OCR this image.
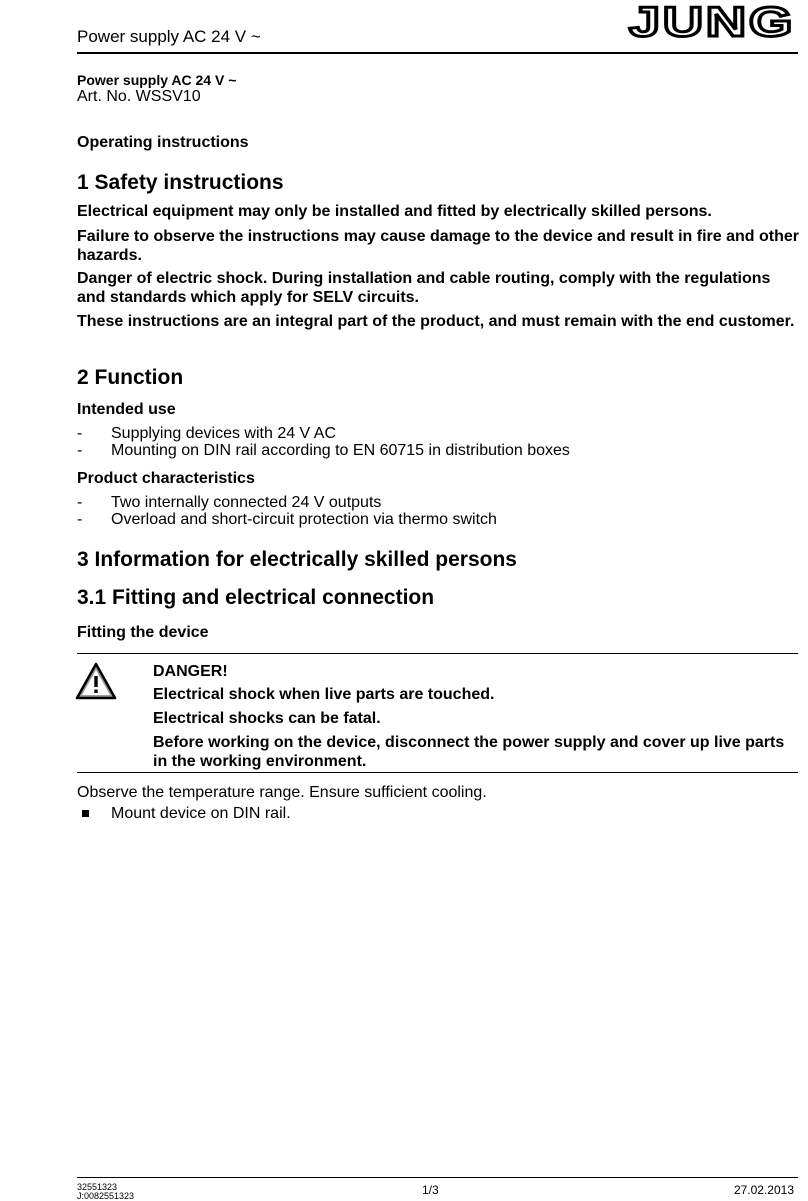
Power supply AC 24 V ~	JUNG
Power supply AC 24 V ~
Art. No. WSSV10
Operating instructions
1 Safety instructions
Electrical equipment may only be installed and fitted by electrically skilled persons.
Failure to observe the instructions may cause damage to the device and result in fire and other hazards.
Danger of electric shock. During installation and cable routing, comply with the regulations and standards which apply for SELV circuits.
These instructions are an integral part of the product, and must remain with the end customer.
2 Function
Intended use
- Supplying devices with 24 V AC
- Mounting on DIN rail according to EN 60715 in distribution boxes
Product characteristics
- Two internally connected 24 V outputs
- Overload and short-circuit protection via thermo switch
3 Information for electrically skilled persons
3.1 Fitting and electrical connection
Fitting the device
DANGER!
Electrical shock when live parts are touched.
Electrical shocks can be fatal.
Before working on the device, disconnect the power supply and cover up live parts in the working environment.
Observe the temperature range. Ensure sufficient cooling.
Mount device on DIN rail.
32551323
J:0082551323	1/3	27.02.2013
